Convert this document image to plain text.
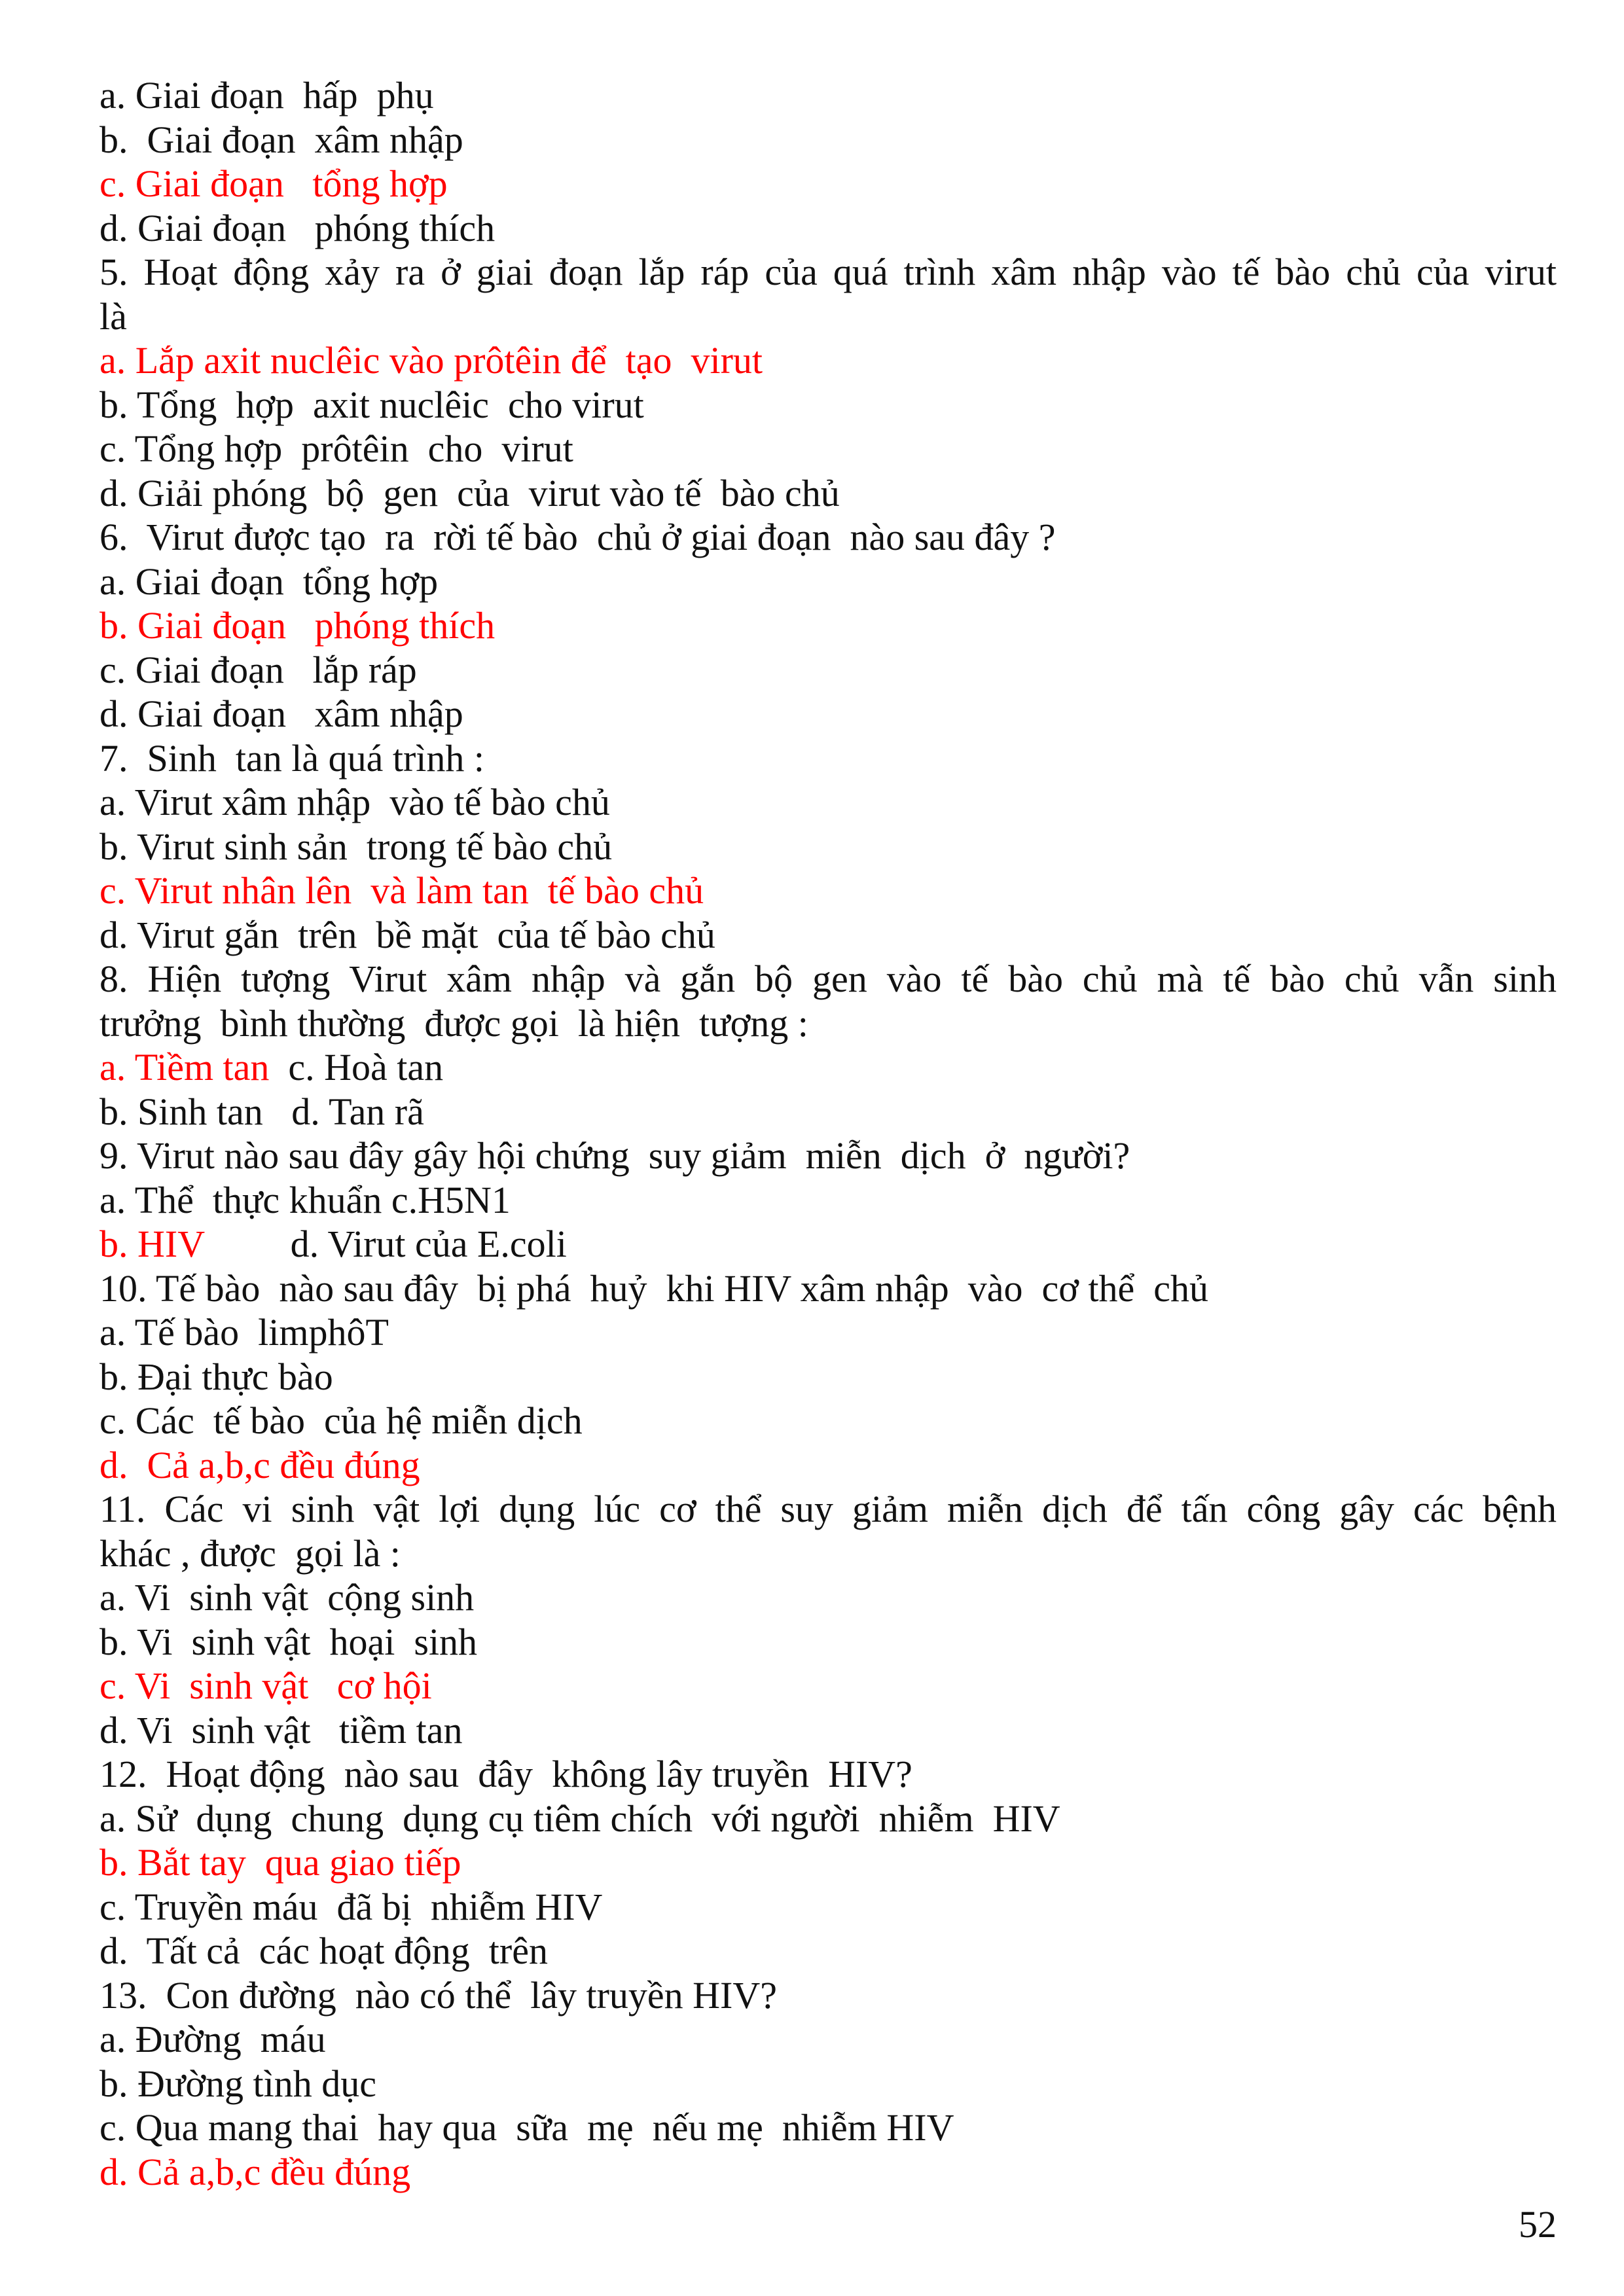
a. Giai đoạn  hấp  phụ
b.  Giai đoạn  xâm nhập
c. Giai đoạn   tổng hợp
d. Giai đoạn   phóng thích
5. Hoạt động xảy ra ở giai đoạn lắp ráp của quá trình xâm nhập vào tế bào chủ của virut
là
a. Lắp axit nuclêic vào prôtêin để  tạo  virut
b. Tổng  hợp  axit nuclêic  cho virut
c. Tổng hợp  prôtêin  cho  virut
d. Giải phóng  bộ  gen  của  virut vào tế  bào chủ
6.  Virut được tạo  ra  rời tế bào  chủ ở giai đoạn  nào sau đây ?
a. Giai đoạn  tổng hợp
b. Giai đoạn   phóng thích
c. Giai đoạn   lắp ráp
d. Giai đoạn   xâm nhập
7.  Sinh  tan là quá trình :
a. Virut xâm nhập  vào tế bào chủ
b. Virut sinh sản  trong tế bào chủ
c. Virut nhân lên  và làm tan  tế bào chủ
d. Virut gắn  trên  bề mặt  của tế bào chủ
8. Hiện tượng Virut xâm nhập và gắn bộ gen vào tế bào chủ mà tế bào chủ vẫn sinh
trưởng  bình thường  được gọi  là hiện  tượng :
a. Tiềm tan c. Hoà tan
b. Sinh tan d. Tan rã
9. Virut nào sau đây gây hội chứng  suy giảm  miễn  dịch  ở  người?
a. Thể  thực khuẩn c.H5N1
b. HIV d. Virut của E.coli
10. Tế bào  nào sau đây  bị phá  huỷ  khi HIV xâm nhập  vào  cơ thể  chủ
a. Tế bào  limphôT
b. Đại thực bào
c. Các  tế bào  của hệ miễn dịch
d.  Cả a,b,c đều đúng
11. Các vi sinh vật lợi dụng lúc cơ thể suy giảm miễn dịch để tấn công gây các bệnh
khác , được  gọi là :
a. Vi  sinh vật  cộng sinh
b. Vi  sinh vật  hoại  sinh
c. Vi  sinh vật   cơ hội
d. Vi  sinh vật   tiềm tan
12.  Hoạt động  nào sau  đây  không lây truyền  HIV?
a. Sử  dụng  chung  dụng cụ tiêm chích  với người  nhiễm  HIV
b. Bắt tay  qua giao tiếp
c. Truyền máu  đã bị  nhiễm HIV
d.  Tất cả  các hoạt động  trên
13.  Con đường  nào có thể  lây truyền HIV?
a. Đường  máu
b. Đường tình dục
c. Qua mang thai  hay qua  sữa  mẹ  nếu mẹ  nhiễm HIV
d. Cả a,b,c đều đúng
52
